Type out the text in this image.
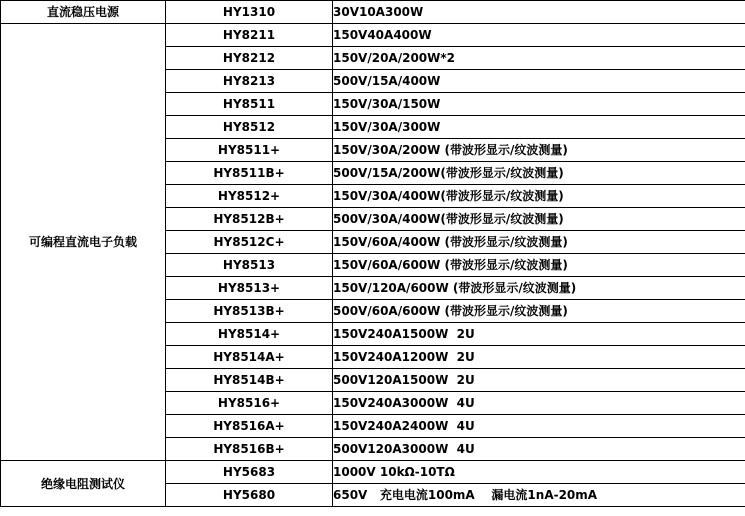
直流稳压电源	HY1310	30V10A300W
可编程直流电子负载	HY8211	150V40A400W
	HY8212	150V/20A/200W*2
	HY8213	500V/15A/400W
	HY8511	150V/30A/150W
	HY8512	150V/30A/300W
	HY8511+	150V/30A/200W (带波形显示/纹波测量)
	HY8511B+	500V/15A/200W(带波形显示/纹波测量)
	HY8512+	150V/30A/400W(带波形显示/纹波测量)
	HY8512B+	500V/30A/400W(带波形显示/纹波测量)
	HY8512C+	150V/60A/400W (带波形显示/纹波测量)
	HY8513	150V/60A/600W (带波形显示/纹波测量)
	HY8513+	150V/120A/600W (带波形显示/纹波测量)
	HY8513B+	500V/60A/600W (带波形显示/纹波测量)
	HY8514+	150V240A1500W  2U
	HY8514A+	150V240A1200W  2U
	HY8514B+	500V120A1500W  2U
	HY8516+	150V240A3000W  4U
	HY8516A+	150V240A2400W  4U
	HY8516B+	500V120A3000W  4U
绝缘电阻测试仪	HY5683	1000V 10kΩ-10TΩ
	HY5680	650V   充电电流100mA    漏电流1nA-20mA
